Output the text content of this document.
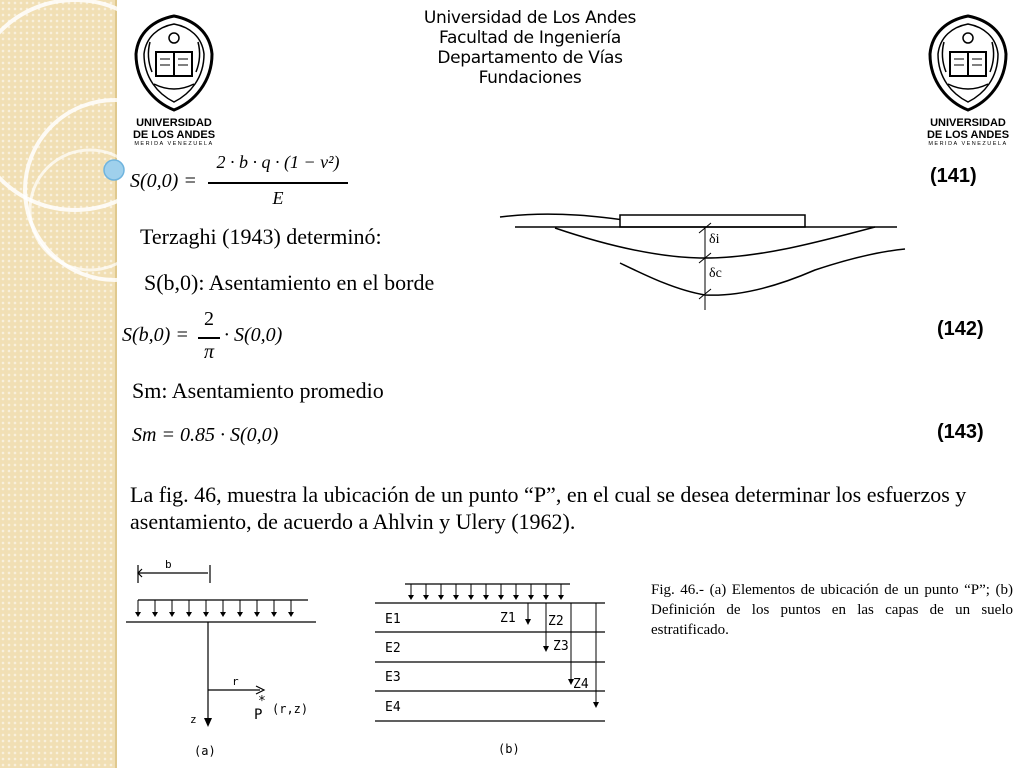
Universidad de Los Andes
Facultad de Ingeniería
Departamento de Vías
Fundaciones
UNIVERSIDAD
DE LOS ANDES
MERIDA VENEZUELA
UNIVERSIDAD
DE LOS ANDES
MERIDA VENEZUELA
S(0,0) =
2 · b · q · (1 − ν²)
E
(141)
Terzaghi (1943) determinó:
S(b,0): Asentamiento en el borde
δi
δc
S(b,0) =
2
π
· S(0,0)	(142)
Sm: Asentamiento promedio
Sm = 0.85 · S(0,0)	(143)
La fig. 46, muestra la ubicación de un punto “P”, en el cual se desea determinar los esfuerzos y asentamiento, de acuerdo a Ahlvin y Ulery (1962).
b
r
z
*
P (r,z)
(a)
E1
E2
E3
E4
Z1 Z2
Z3
Z4
(b)
Fig. 46.- (a) Elementos de ubicación de un punto “P”; (b) Definición de los puntos en las capas de un suelo estratificado.
